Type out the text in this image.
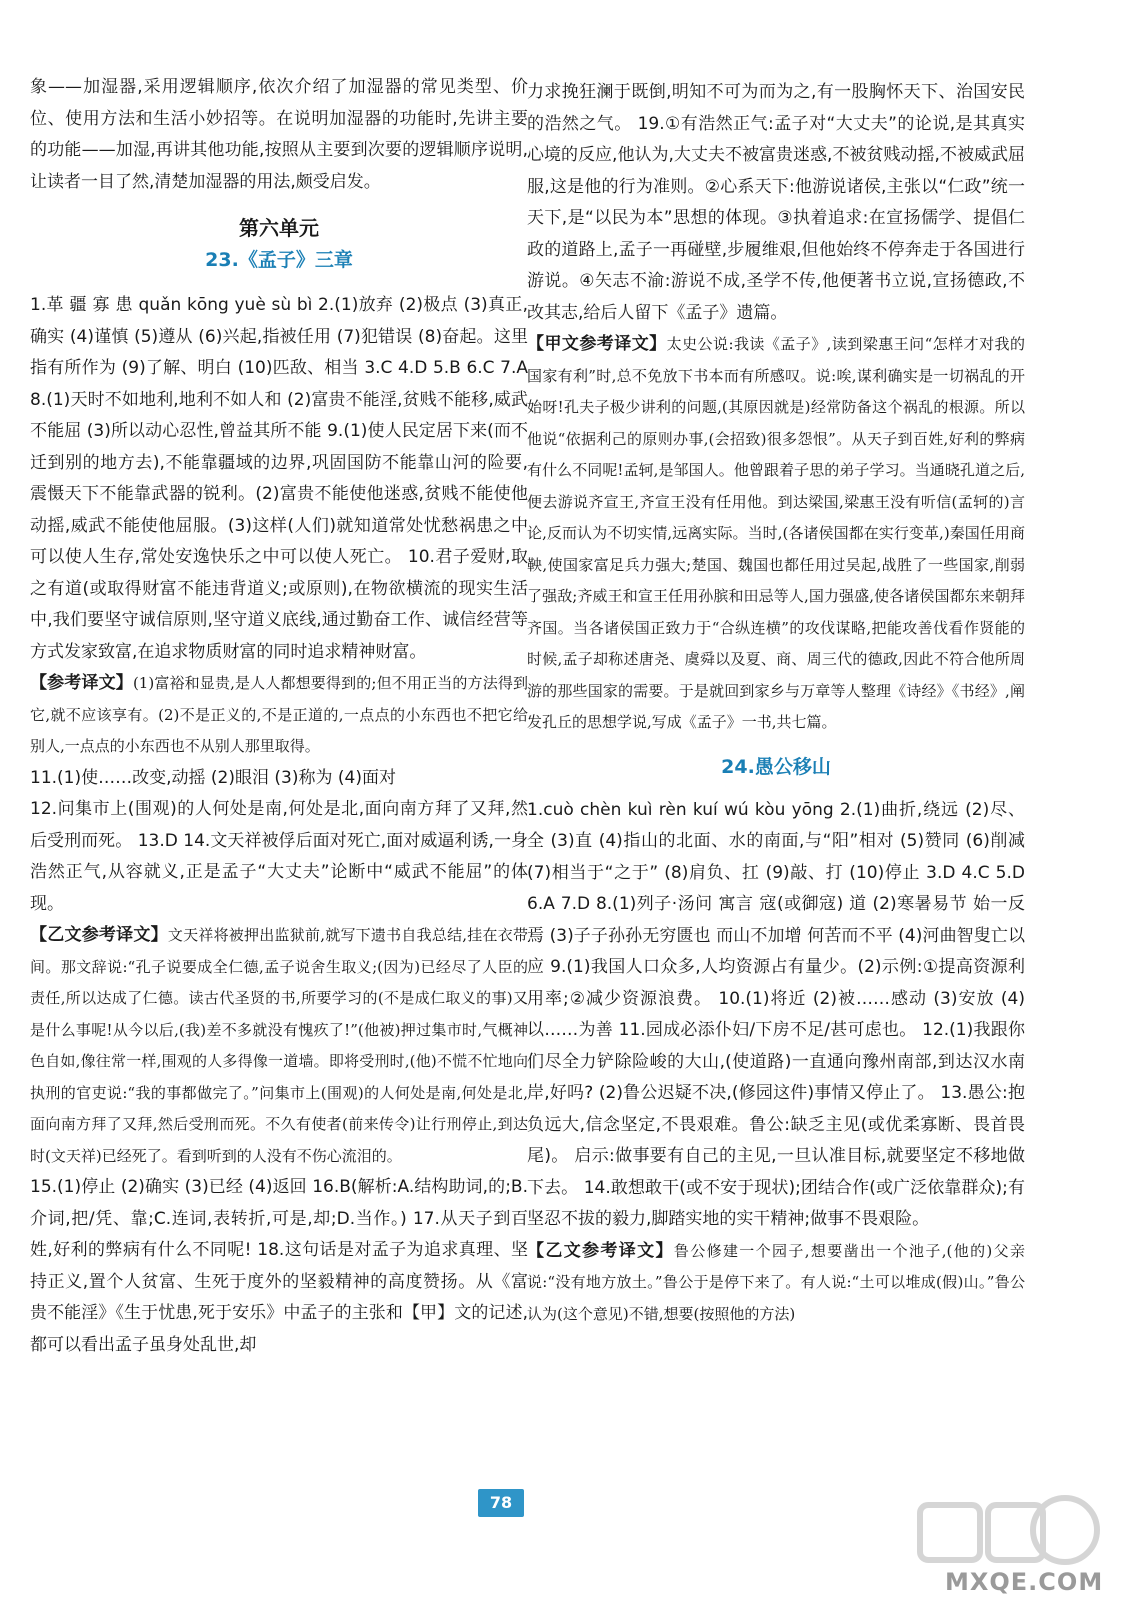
象——加湿器,采用逻辑顺序,依次介绍了加湿器的常见类型、价位、使用方法和生活小妙招等。在说明加湿器的功能时,先讲主要的功能——加湿,再讲其他功能,按照从主要到次要的逻辑顺序说明,让读者一目了然,清楚加湿器的用法,颇受启发。

第六单元
23.《孟子》三章

1.革 疆 寡 患 quǎn kōng yuè sù bì 2.(1)放弃 (2)极点 (3)真正,确实 (4)谨慎 (5)遵从 (6)兴起,指被任用 (7)犯错误 (8)奋起。这里指有所作为 (9)了解、明白 (10)匹敌、相当 3.C 4.D 5.B 6.C 7.A 8.(1)天时不如地利,地利不如人和 (2)富贵不能淫,贫贱不能移,威武不能屈 (3)所以动心忍性,曾益其所不能 9.(1)使人民定居下来(而不迁到别的地方去),不能靠疆域的边界,巩固国防不能靠山河的险要,震慑天下不能靠武器的锐利。(2)富贵不能使他迷惑,贫贱不能使他动摇,威武不能使他屈服。(3)这样(人们)就知道常处忧愁祸患之中可以使人生存,常处安逸快乐之中可以使人死亡。 10.君子爱财,取之有道(或取得财富不能违背道义;或原则),在物欲横流的现实生活中,我们要坚守诚信原则,坚守道义底线,通过勤奋工作、诚信经营等方式发家致富,在追求物质财富的同时追求精神财富。

【参考译文】(1)富裕和显贵,是人人都想要得到的;但不用正当的方法得到它,就不应该享有。(2)不是正义的,不是正道的,一点点的小东西也不把它给别人,一点点的小东西也不从别人那里取得。

11.(1)使……改变,动摇 (2)眼泪 (3)称为 (4)面对

12.问集市上(围观)的人何处是南,何处是北,面向南方拜了又拜,然后受刑而死。 13.D 14.文天祥被俘后面对死亡,面对威逼利诱,一身浩然正气,从容就义,正是孟子“大丈夫”论断中“威武不能屈”的体现。

【乙文参考译文】文天祥将被押出监狱前,就写下遗书自我总结,挂在衣带间。那文辞说:“孔子说要成全仁德,孟子说舍生取义;(因为)已经尽了人臣的责任,所以达成了仁德。读古代圣贤的书,所要学习的(不是成仁取义的事)又是什么事呢!从今以后,(我)差不多就没有愧疚了!”(他被)押过集市时,气概神色自如,像往常一样,围观的人多得像一道墙。即将受刑时,(他)不慌不忙地向执刑的官吏说:“我的事都做完了。”问集市上(围观)的人何处是南,何处是北,面向南方拜了又拜,然后受刑而死。不久有使者(前来传令)让行刑停止,到达时(文天祥)已经死了。看到听到的人没有不伤心流泪的。

15.(1)停止 (2)确实 (3)已经 (4)返回 16.B(解析:A.结构助词,的;B.介词,把/凭、靠;C.连词,表转折,可是,却;D.当作。) 17.从天子到百姓,好利的弊病有什么不同呢! 18.这句话是对孟子为追求真理、坚持正义,置个人贫富、生死于度外的坚毅精神的高度赞扬。从《富贵不能淫》《生于忧患,死于安乐》中孟子的主张和【甲】文的记述,都可以看出孟子虽身处乱世,却

力求挽狂澜于既倒,明知不可为而为之,有一股胸怀天下、治国安民的浩然之气。 19.①有浩然正气:孟子对“大丈夫”的论说,是其真实心境的反应,他认为,大丈夫不被富贵迷惑,不被贫贱动摇,不被威武屈服,这是他的行为准则。②心系天下:他游说诸侯,主张以“仁政”统一天下,是“以民为本”思想的体现。③执着追求:在宣扬儒学、提倡仁政的道路上,孟子一再碰壁,步履维艰,但他始终不停奔走于各国进行游说。④矢志不渝:游说不成,圣学不传,他便著书立说,宣扬德政,不改其志,给后人留下《孟子》遗篇。

【甲文参考译文】太史公说:我读《孟子》,读到梁惠王问“怎样才对我的国家有利”时,总不免放下书本而有所感叹。说:唉,谋利确实是一切祸乱的开始呀!孔夫子极少讲利的问题,(其原因就是)经常防备这个祸乱的根源。所以他说“依据利己的原则办事,(会招致)很多怨恨”。从天子到百姓,好利的弊病有什么不同呢!孟轲,是邹国人。他曾跟着子思的弟子学习。当通晓孔道之后,便去游说齐宣王,齐宣王没有任用他。到达梁国,梁惠王没有听信(孟轲的)言论,反而认为不切实情,远离实际。当时,(各诸侯国都在实行变革,)秦国任用商鞅,使国家富足兵力强大;楚国、魏国也都任用过吴起,战胜了一些国家,削弱了强敌;齐威王和宣王任用孙膑和田忌等人,国力强盛,使各诸侯国都东来朝拜齐国。当各诸侯国正致力于“合纵连横”的攻伐谋略,把能攻善伐看作贤能的时候,孟子却称述唐尧、虞舜以及夏、商、周三代的德政,因此不符合他所周游的那些国家的需要。于是就回到家乡与万章等人整理《诗经》《书经》,阐发孔丘的思想学说,写成《孟子》一书,共七篇。

24.愚公移山

1.cuò chèn kuì rèn kuí wú kòu yōng 2.(1)曲折,绕远 (2)尽、全 (3)直 (4)指山的北面、水的南面,与“阳”相对 (5)赞同 (6)削减 (7)相当于“之于” (8)肩负、扛 (9)敲、打 (10)停止 3.D 4.C 5.D 6.A 7.D 8.(1)列子·汤问 寓言 寇(或御寇) 道 (2)寒暑易节 始一反焉 (3)子子孙孙无穷匮也 而山不加增 何苦而不平 (4)河曲智叟亡以应 9.(1)我国人口众多,人均资源占有量少。(2)示例:①提高资源利用率;②减少资源浪费。 10.(1)将近 (2)被……感动 (3)安放 (4)以……为善 11.园成必添仆妇/下房不足/甚可虑也。 12.(1)我跟你们尽全力铲除险峻的大山,(使道路)一直通向豫州南部,到达汉水南岸,好吗? (2)鲁公迟疑不决,(修园这件)事情又停止了。 13.愚公:抱负远大,信念坚定,不畏艰难。鲁公:缺乏主见(或优柔寡断、畏首畏尾)。 启示:做事要有自己的主见,一旦认准目标,就要坚定不移地做下去。 14.敢想敢干(或不安于现状);团结合作(或广泛依靠群众);有坚忍不拔的毅力,脚踏实地的实干精神;做事不畏艰险。

【乙文参考译文】鲁公修建一个园子,想要凿出一个池子,(他的)父亲说:“没有地方放土。”鲁公于是停下来了。有人说:“土可以堆成(假)山。”鲁公认为(这个意见)不错,想要(按照他的方法)

78
MXQE.COM
